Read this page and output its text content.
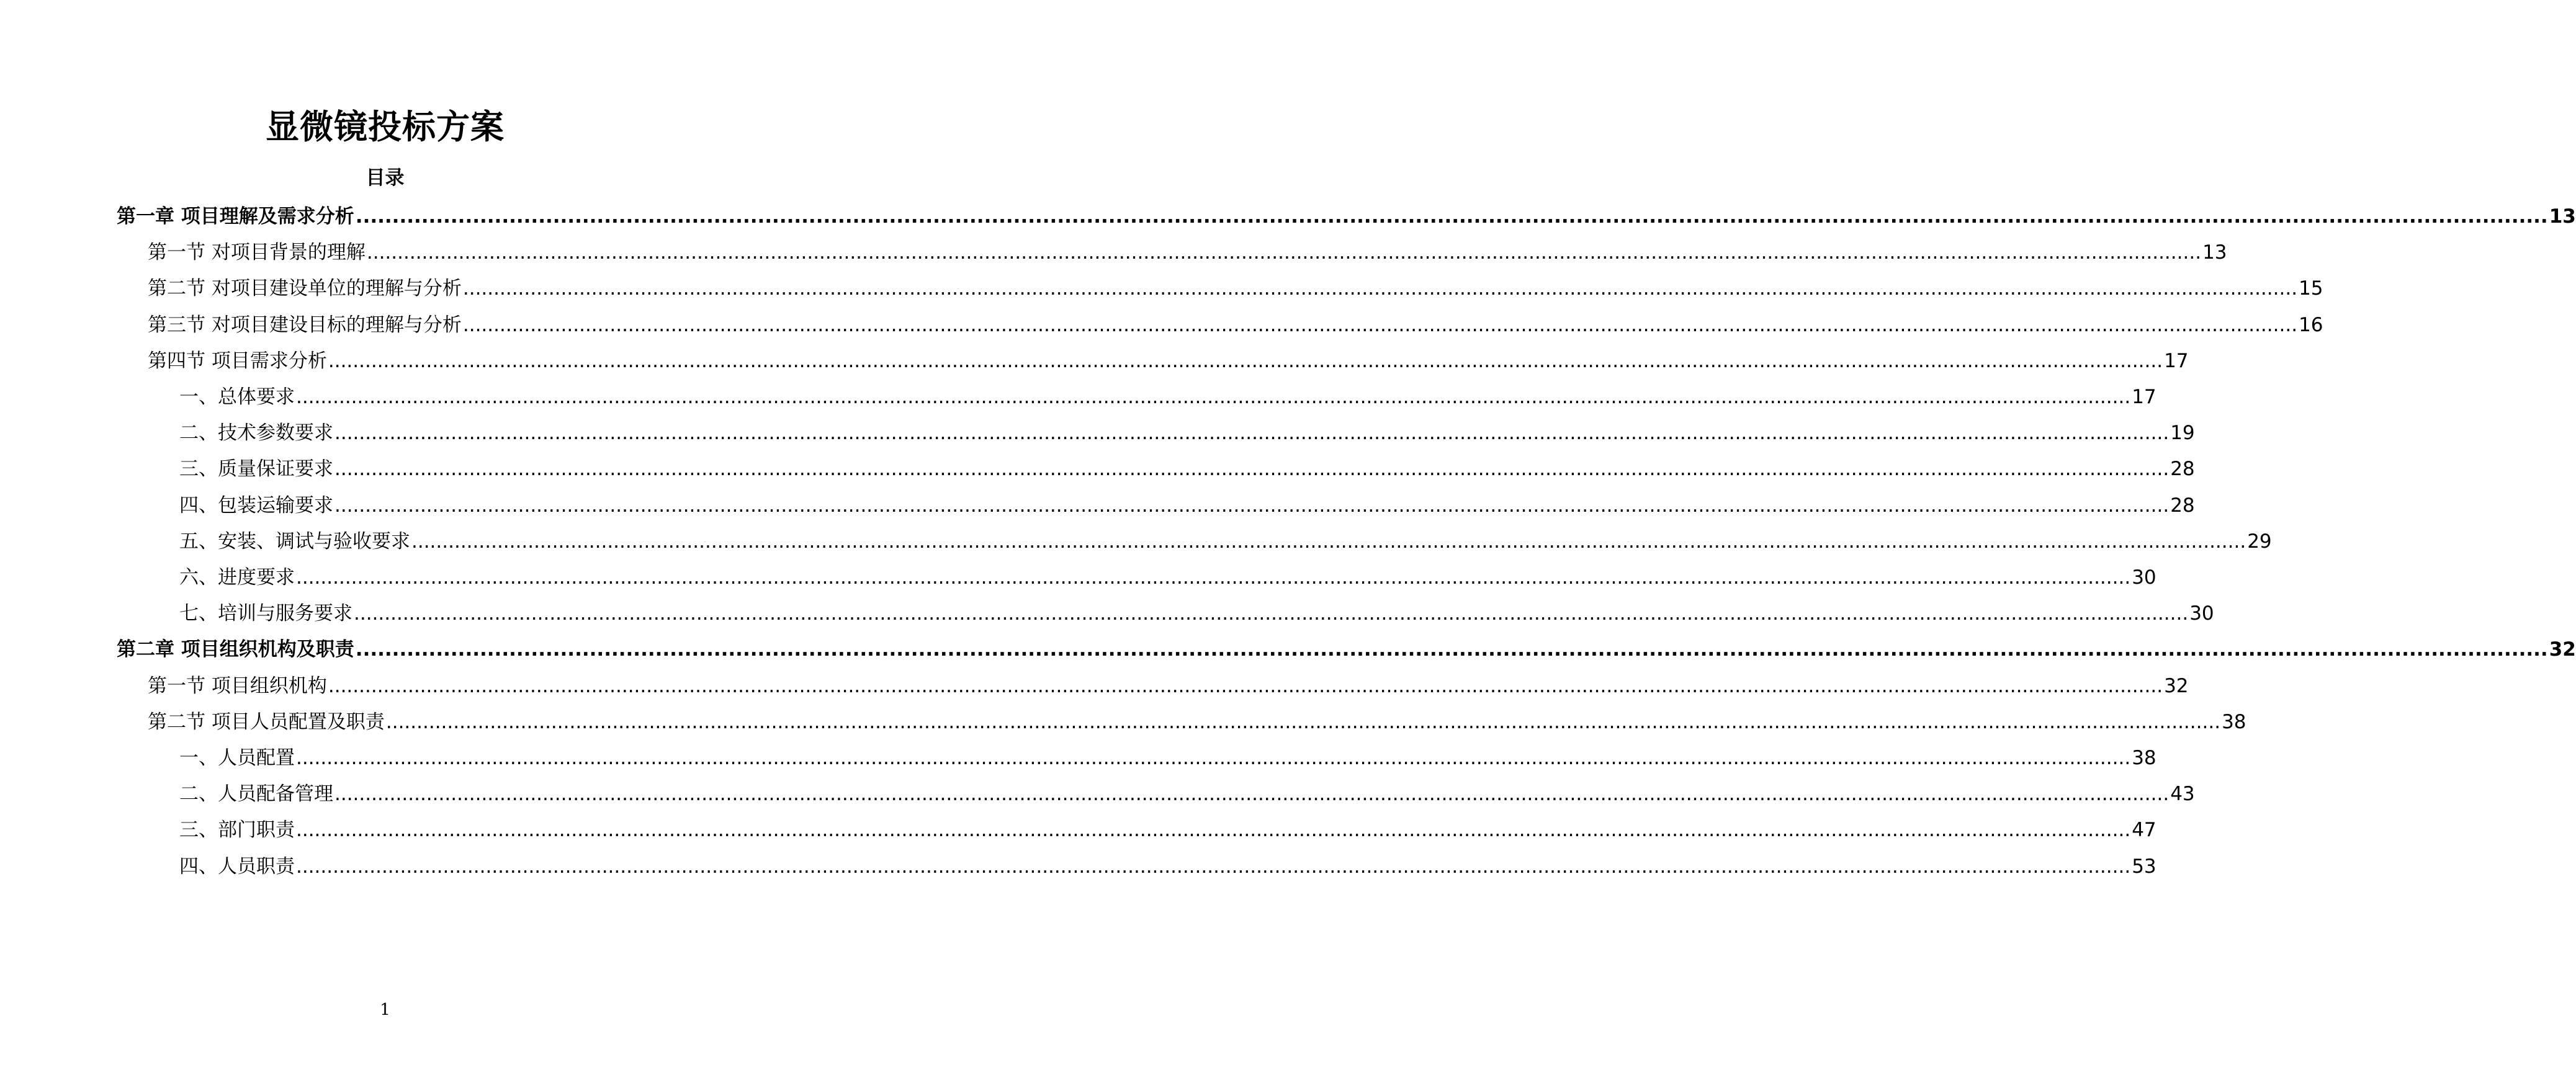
显微镜投标方案
目录
第一章 项目理解及需求分析 ............................................................................................................................................................................................................................................................................................................ 13
第一节 对项目背景的理解 ............................................................................................................................................................................................................................................................................................................ 13
第二节 对项目建设单位的理解与分析 ............................................................................................................................................................................................................................................................................................................ 15
第三节 对项目建设目标的理解与分析 ............................................................................................................................................................................................................................................................................................................ 16
第四节 项目需求分析 ............................................................................................................................................................................................................................................................................................................ 17
一、总体要求 ............................................................................................................................................................................................................................................................................................................ 17
二、技术参数要求 ............................................................................................................................................................................................................................................................................................................ 19
三、质量保证要求 ............................................................................................................................................................................................................................................................................................................ 28
四、包装运输要求 ............................................................................................................................................................................................................................................................................................................ 28
五、安装、调试与验收要求 ............................................................................................................................................................................................................................................................................................................ 29
六、进度要求 ............................................................................................................................................................................................................................................................................................................ 30
七、培训与服务要求 ............................................................................................................................................................................................................................................................................................................ 30
第二章 项目组织机构及职责 ............................................................................................................................................................................................................................................................................................................ 32
第一节 项目组织机构 ............................................................................................................................................................................................................................................................................................................ 32
第二节 项目人员配置及职责 ............................................................................................................................................................................................................................................................................................................ 38
一、人员配置 ............................................................................................................................................................................................................................................................................................................ 38
二、人员配备管理 ............................................................................................................................................................................................................................................................................................................ 43
三、部门职责 ............................................................................................................................................................................................................................................................................................................ 47
四、人员职责 ............................................................................................................................................................................................................................................................................................................ 53
1
